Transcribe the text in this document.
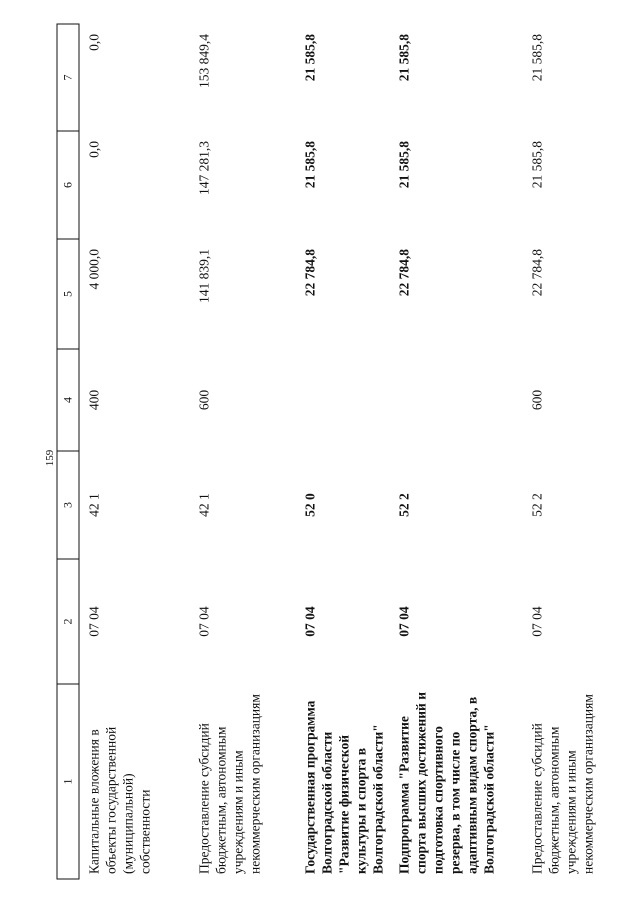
159
1	2	3	4	5	6	7
Капитальные вложения в объекты государственной (муниципальной) собственности	07 04	42 1	400	4 000,0	0,0	0,0
Предоставление субсидий бюджетным, автономным учреждениям и иным некоммерческим организациям	07 04	42 1	600	141 839,1	147 281,3	153 849,4
Государственная программа Волгоградской области "Развитие физической культуры и спорта в Волгоградской области"	07 04	52 0		22 784,8	21 585,8	21 585,8
Подпрограмма "Развитие спорта высших достижений и подготовка спортивного резерва, в том числе по адаптивным видам спорта, в Волгоградской области"	07 04	52 2		22 784,8	21 585,8	21 585,8
Предоставление субсидий бюджетным, автономным учреждениям и иным некоммерческим организациям	07 04	52 2	600	22 784,8	21 585,8	21 585,8
